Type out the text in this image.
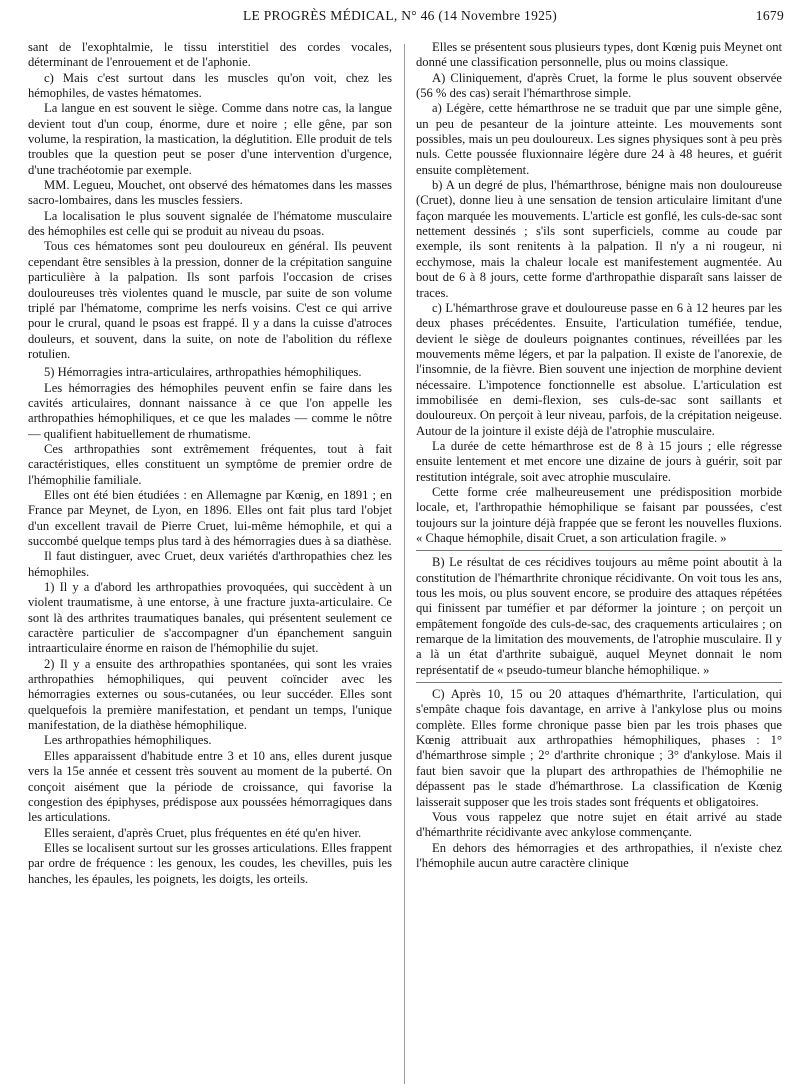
LE PROGRÈS MÉDICAL, N° 46 (14 Novembre 1925)	1679

sant de l'exophtalmie, le tissu interstitiel des cordes vocales, déterminant de l'enrouement et de l'aphonie.

c) Mais c'est surtout dans les muscles qu'on voit, chez les hémophiles, de vastes hématomes.

La langue en est souvent le siège. Comme dans notre cas, la langue devient tout d'un coup, énorme, dure et noire ; elle gêne, par son volume, la respiration, la mastication, la déglutition. Elle produit de tels troubles que la question peut se poser d'une intervention d'urgence, d'une trachéotomie par exemple.

MM. Legueu, Mouchet, ont observé des hématomes dans les masses sacro-lombaires, dans les muscles fessiers.

La localisation le plus souvent signalée de l'hématome musculaire des hémophiles est celle qui se produit au niveau du psoas.

Tous ces hématomes sont peu douloureux en général. Ils peuvent cependant être sensibles à la pression, donner de la crépitation sanguine particulière à la palpation. Ils sont parfois l'occasion de crises douloureuses très violentes quand le muscle, par suite de son volume triplé par l'hématome, comprime les nerfs voisins. C'est ce qui arrive pour le crural, quand le psoas est frappé. Il y a dans la cuisse d'atroces douleurs, et souvent, dans la suite, on note de l'abolition du réflexe rotulien.

5) Hémorragies intra-articulaires, arthropathies hémophiliques.

Les hémorragies des hémophiles peuvent enfin se faire dans les cavités articulaires, donnant naissance à ce que l'on appelle les arthropathies hémophiliques, et ce que les malades — comme le nôtre — qualifient habituellement de rhumatisme.

Ces arthropathies sont extrêmement fréquentes, tout à fait caractéristiques, elles constituent un symptôme de premier ordre de l'hémophilie familiale.

Elles ont été bien étudiées : en Allemagne par Kœnig, en 1891 ; en France par Meynet, de Lyon, en 1896. Elles ont fait plus tard l'objet d'un excellent travail de Pierre Cruet, lui-même hémophile, et qui a succombé quelque temps plus tard à des hémorragies dues à sa diathèse.

Il faut distinguer, avec Cruet, deux variétés d'arthropathies chez les hémophiles.

1) Il y a d'abord les arthropathies provoquées, qui succèdent à un violent traumatisme, à une entorse, à une fracture juxta-articulaire. Ce sont là des arthrites traumatiques banales, qui présentent seulement ce caractère particulier de s'accompagner d'un épanchement sanguin intraarticulaire énorme en raison de l'hémophilie du sujet.

2) Il y a ensuite des arthropathies spontanées, qui sont les vraies arthropathies hémophiliques, qui peuvent coïncider avec les hémorragies externes ou sous-cutanées, ou leur succéder. Elles sont quelquefois la première manifestation, et pendant un temps, l'unique manifestation, de la diathèse hémophilique.

Les arthropathies hémophiliques.

Elles apparaissent d'habitude entre 3 et 10 ans, elles durent jusque vers la 15e année et cessent très souvent au moment de la puberté. On conçoit aisément que la période de croissance, qui favorise la congestion des épiphyses, prédispose aux poussées hémorragiques dans les articulations.

Elles seraient, d'après Cruet, plus fréquentes en été qu'en hiver.

Elles se localisent surtout sur les grosses articulations. Elles frappent par ordre de fréquence : les genoux, les coudes, les chevilles, puis les hanches, les épaules, les poignets, les doigts, les orteils.

Elles se présentent sous plusieurs types, dont Kœnig puis Meynet ont donné une classification personnelle, plus ou moins classique.

A) Cliniquement, d'après Cruet, la forme le plus souvent observée (56 % des cas) serait l'hémarthrose simple.

a) Légère, cette hémarthrose ne se traduit que par une simple gêne, un peu de pesanteur de la jointure atteinte. Les mouvements sont possibles, mais un peu douloureux. Les signes physiques sont à peu près nuls. Cette poussée fluxionnaire légère dure 24 à 48 heures, et guérit ensuite complètement.

b) A un degré de plus, l'hémarthrose, bénigne mais non douloureuse (Cruet), donne lieu à une sensation de tension articulaire limitant d'une façon marquée les mouvements. L'article est gonflé, les culs-de-sac sont nettement dessinés ; s'ils sont superficiels, comme au coude par exemple, ils sont renitents à la palpation. Il n'y a ni rougeur, ni ecchymose, mais la chaleur locale est manifestement augmentée. Au bout de 6 à 8 jours, cette forme d'arthropathie disparaît sans laisser de traces.

c) L'hémarthrose grave et douloureuse passe en 6 à 12 heures par les deux phases précédentes. Ensuite, l'articulation tuméfiée, tendue, devient le siège de douleurs poignantes continues, réveillées par les mouvements même légers, et par la palpation. Il existe de l'anorexie, de l'insomnie, de la fièvre. Bien souvent une injection de morphine devient nécessaire. L'impotence fonctionnelle est absolue. L'articulation est immobilisée en demi-flexion, ses culs-de-sac sont saillants et douloureux. On perçoit à leur niveau, parfois, de la crépitation neigeuse. Autour de la jointure il existe déjà de l'atrophie musculaire.

La durée de cette hémarthrose est de 8 à 15 jours ; elle régresse ensuite lentement et met encore une dizaine de jours à guérir, soit par restitution intégrale, soit avec atrophie musculaire.

Cette forme crée malheureusement une prédisposition morbide locale, et, l'arthropathie hémophilique se faisant par poussées, c'est toujours sur la jointure déjà frappée que se feront les nouvelles fluxions. « Chaque hémophile, disait Cruet, a son articulation fragile. »

B) Le résultat de ces récidives toujours au même point aboutit à la constitution de l'hémarthrite chronique récidivante. On voit tous les ans, tous les mois, ou plus souvent encore, se produire des attaques répétées qui finissent par tuméfier et par déformer la jointure ; on perçoit un empâtement fongoïde des culs-de-sac, des craquements articulaires ; on remarque de la limitation des mouvements, de l'atrophie musculaire. Il y a là un état d'arthrite subaiguë, auquel Meynet donnait le nom représentatif de « pseudo-tumeur blanche hémophilique. »

C) Après 10, 15 ou 20 attaques d'hémarthrite, l'articulation, qui s'empâte chaque fois davantage, en arrive à l'ankylose plus ou moins complète. Elles forme chronique passe bien par les trois phases que Kœnig attribuait aux arthropathies hémophiliques, phases : 1° d'hémarthrose simple ; 2° d'arthrite chronique ; 3° d'ankylose. Mais il faut bien savoir que la plupart des arthropathies de l'hémophilie ne dépassent pas le stade d'hémarthrose. La classification de Kœnig laisserait supposer que les trois stades sont fréquents et obligatoires.

Vous vous rappelez que notre sujet en était arrivé au stade d'hémarthrite récidivante avec ankylose commençante.

En dehors des hémorragies et des arthropathies, il n'existe chez l'hémophile aucun autre caractère clinique
